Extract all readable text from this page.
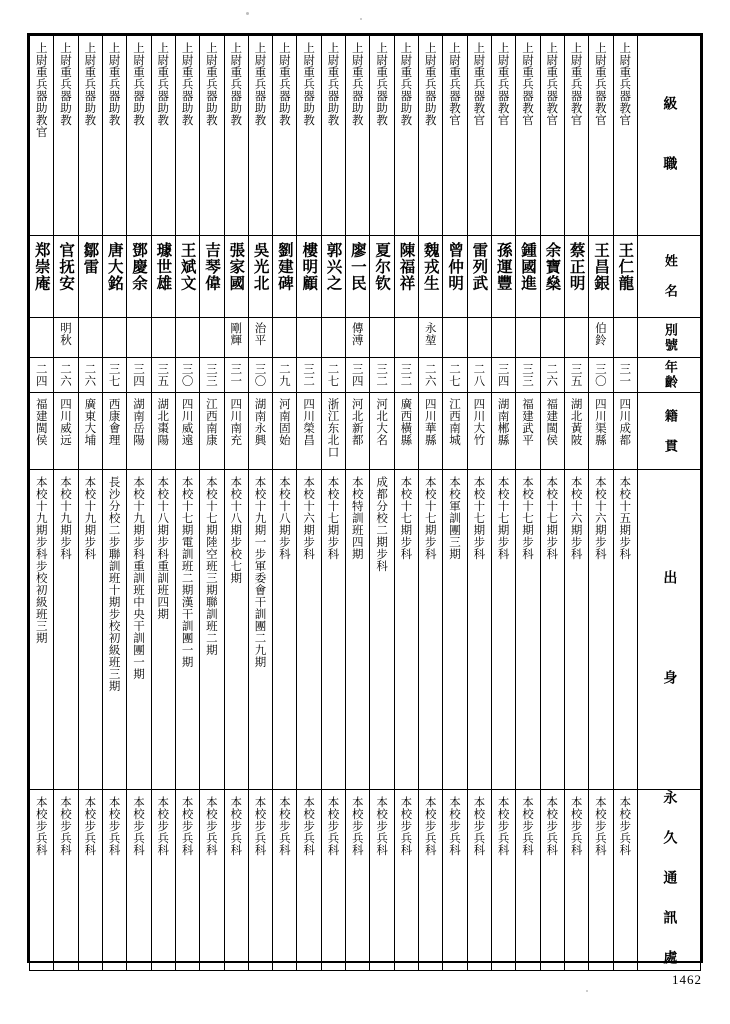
上尉重兵器助教官	上尉重兵器助教	上尉重兵器助教	上尉重兵器助教	上尉重兵器助教	上尉重兵器助教	上尉重兵器助教	上尉重兵器助教	上尉重兵器助教	上尉重兵器助教	上尉重兵器助教	上尉重兵器助教	上尉重兵器助教	上尉重兵器助教	上尉重兵器助教	上尉重兵器助教	上尉重兵器助教	上尉重兵器教官	上尉重兵器教官	上尉重兵器教官	上尉重兵器教官	上尉重兵器教官	上尉重兵器教官	上尉重兵器教官	上尉重兵器教官	級　　職

郑崇庵	官抚安	鄒雷	唐大銘	鄧慶余	璩世雄	王斌文	吉琴偉	張家國	吳光北	劉建碑	樓明顧	郭兴之	廖一民	夏尔钦	陳福祥	魏戎生	曾仲明	雷列武	孫運豐	鍾國進	余寶燊	蔡正明	王昌銀	王仁龍	姓　名

	明秋							剛輝	治平				傳溥			永堃							伯鈴		別號

二四	二六	二六	三七	三四	三五	三〇	三三	三一	三〇	二九	三二	二七	三四	三二	三二	二六	二七	二八	三四	三三	二六	三五	三〇	三一	年齡

福建閩侯	四川威远	廣東大埔	西康會理	湖南岳陽	湖北棗陽	四川威遠	江西南康	四川南充	湖南永興	河南固始	四川榮昌	浙江东北口	河北新都	河北大名	廣西橫縣	四川華縣	江西南城	四川大竹	湖南郴縣	福建武平	福建閩侯	湖北黃陂	四川渠縣	四川成都	籍　貫

本校十九期步科步校初級班三期	本校十九期步科	本校十九期步科	長沙分校二步聯訓班十期步校初級班三期	本校十九期步科重訓班中央干訓團一期	本校十八期步科重訓班四期	本校十七期電訓班二期漢干訓團一期	本校十七期陸空班三期聯訓班二期	本校十八期步校七期	本校十九期一步軍委會干訓團二九期	本校十八期步科	本校十六期步科	本校十七期步科	本校特訓班四期	成都分校二期步科	本校十七期步科	本校十七期步科	本校軍訓團三期	本校十七期步科	本校十七期步科	本校十七期步科	本校十七期步科	本校十六期步科	本校十六期步科	本校十五期步科	出　　　　身

本校步兵科	本校步兵科	本校步兵科	本校步兵科	本校步兵科	本校步兵科	本校步兵科	本校步兵科	本校步兵科	本校步兵科	本校步兵科	本校步兵科	本校步兵科	本校步兵科	本校步兵科	本校步兵科	本校步兵科	本校步兵科	本校步兵科	本校步兵科	本校步兵科	本校步兵科	本校步兵科	本校步兵科	本校步兵科	永　久　通　訊　處
1462
